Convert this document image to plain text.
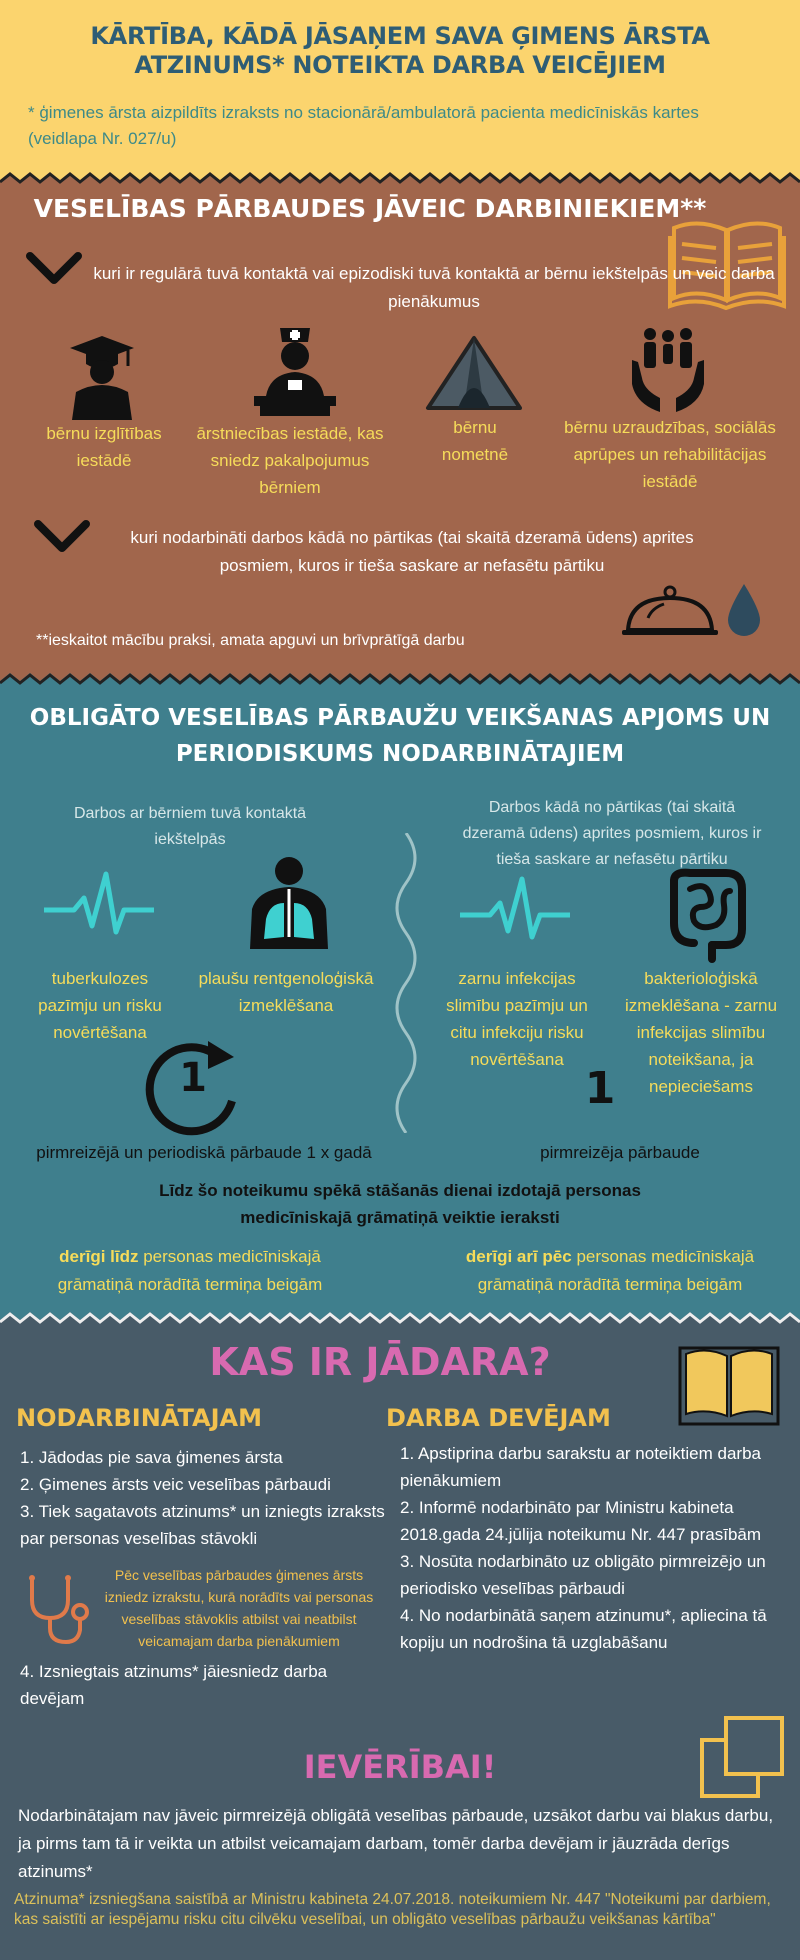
KĀRTĪBA, KĀDĀ JĀSAŅEM SAVA ĢIMENS ĀRSTA ATZINUMS* NOTEIKTA DARBA VEICĒJIEM
* ģimenes ārsta aizpildīts izraksts no stacionārā/ambulatorā pacienta medicīniskās kartes (veidlapa Nr. 027/u)
VESELĪBAS PĀRBAUDES JĀVEIC DARBINIEKIEM**
kuri ir regulārā tuvā kontaktā vai epizodiski tuvā kontaktā ar bērnu iekštelpās un veic darba pienākumus
bērnu izglītības iestādē
ārstniecības iestādē, kas sniedz pakalpojumus bērniem
bērnu nometnē
bērnu uzraudzības, sociālās aprūpes un rehabilitācijas iestādē
kuri nodarbināti darbos kādā no pārtikas (tai skaitā dzeramā ūdens) aprites posmiem, kuros ir tieša saskare ar nefasētu pārtiku
**ieskaitot mācību praksi, amata apguvi un brīvprātīgā darbu
OBLIGĀTO VESELĪBAS PĀRBAUŽU VEIKŠANAS APJOMS UN
PERIODISKUMS NODARBINĀTAJIEM
Darbos ar bērniem tuvā kontaktā iekštelpās
tuberkulozes pazīmju un risku novērtēšana
plaušu rentgenoloģiskā izmeklēšana
1
pirmreizējā un periodiskā pārbaude 1 x gadā
Darbos kādā no pārtikas (tai skaitā dzeramā ūdens) aprites posmiem, kuros ir tieša saskare ar nefasētu pārtiku
zarnu infekcijas slimību pazīmju un citu infekciju risku novērtēšana
bakterioloģiskā izmeklēšana - zarnu infekcijas slimību noteikšana, ja nepieciešams
1
pirmreizēja pārbaude
Līdz šo noteikumu spēkā stāšanās dienai izdotajā personas
medicīniskajā grāmatiņā veiktie ieraksti
derīgi līdz personas medicīniskajā
grāmatiņā norādītā termiņa beigām
derīgi arī pēc personas medicīniskajā
grāmatiņā norādītā termiņa beigām
KAS IR JĀDARA?
NODARBINĀTAJAM
1. Jādodas pie sava ģimenes ārsta
2. Ģimenes ārsts veic veselības pārbaudi
3. Tiek sagatavots atzinums* un izniegts izraksts par personas veselības stāvokli
Pēc veselības pārbaudes ģimenes ārsts izniedz izrakstu, kurā norādīts vai personas veselības stāvoklis atbilst vai neatbilst veicamajam darba pienākumiem
4. Izsniegtais atzinums* jāiesniedz darba devējam
DARBA DEVĒJAM
1. Apstiprina darbu sarakstu ar noteiktiem darba pienākumiem
2. Informē nodarbināto par Ministru kabineta 2018.gada 24.jūlija noteikumu Nr. 447 prasībām
3. Nosūta nodarbināto uz obligāto pirmreizējo un periodisko veselības pārbaudi
4. No nodarbinātā saņem atzinumu*, apliecina tā kopiju un nodrošina tā uzglabāšanu
IEVĒRĪBAI!
Nodarbinātajam nav jāveic pirmreizējā obligātā veselības pārbaude, uzsākot darbu vai blakus darbu, ja pirms tam tā ir veikta un atbilst veicamajam darbam, tomēr darba devējam ir jāuzrāda derīgs atzinums*
Atzinuma* izsniegšana saistībā ar Ministru kabineta 24.07.2018. noteikumiem Nr. 447 "Noteikumi par darbiem, kas saistīti ar iespējamu risku citu cilvēku veselībai, un obligāto veselības pārbaužu veikšanas kārtība"
